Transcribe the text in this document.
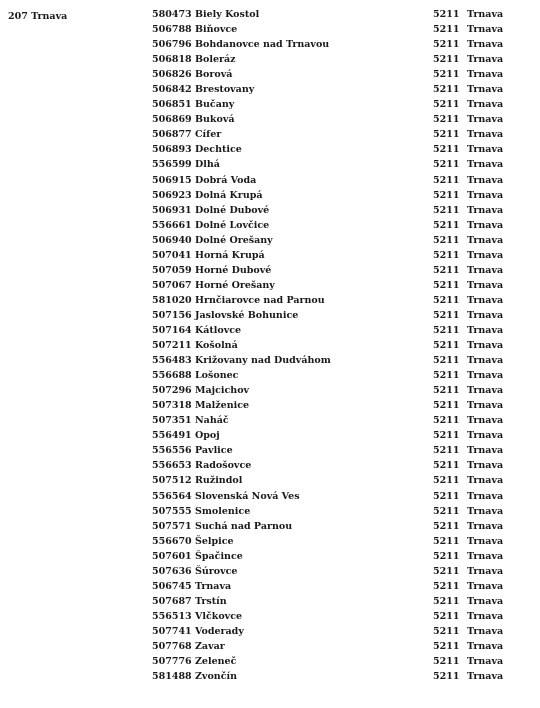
207 Trnava	580473 Biely Kostol	5211 Trnava
506788 Biňovce	5211 Trnava
506796 Bohdanovce nad Trnavou	5211 Trnava
506818 Boleráz	5211 Trnava
506826 Borová	5211 Trnava
506842 Brestovany	5211 Trnava
506851 Bučany	5211 Trnava
506869 Buková	5211 Trnava
506877 Cífer	5211 Trnava
506893 Dechtice	5211 Trnava
556599 Dlhá	5211 Trnava
506915 Dobrá Voda	5211 Trnava
506923 Dolná Krupá	5211 Trnava
506931 Dolné Dubové	5211 Trnava
556661 Dolné Lovčice	5211 Trnava
506940 Dolné Orešany	5211 Trnava
507041 Horná Krupá	5211 Trnava
507059 Horné Dubové	5211 Trnava
507067 Horné Orešany	5211 Trnava
581020 Hrnčiarovce nad Parnou	5211 Trnava
507156 Jaslovské Bohunice	5211 Trnava
507164 Kátlovce	5211 Trnava
507211 Košolná	5211 Trnava
556483 Križovany nad Dudváhom	5211 Trnava
556688 Lošonec	5211 Trnava
507296 Majcichov	5211 Trnava
507318 Malženice	5211 Trnava
507351 Naháč	5211 Trnava
556491 Opoj	5211 Trnava
556556 Pavlice	5211 Trnava
556653 Radošovce	5211 Trnava
507512 Ružindol	5211 Trnava
556564 Slovenská Nová Ves	5211 Trnava
507555 Smolenice	5211 Trnava
507571 Suchá nad Parnou	5211 Trnava
556670 Šelpice	5211 Trnava
507601 Špačince	5211 Trnava
507636 Šúrovce	5211 Trnava
506745 Trnava	5211 Trnava
507687 Trstín	5211 Trnava
556513 Vlčkovce	5211 Trnava
507741 Voderady	5211 Trnava
507768 Zavar	5211 Trnava
507776 Zeleneč	5211 Trnava
581488 Zvončín	5211 Trnava
